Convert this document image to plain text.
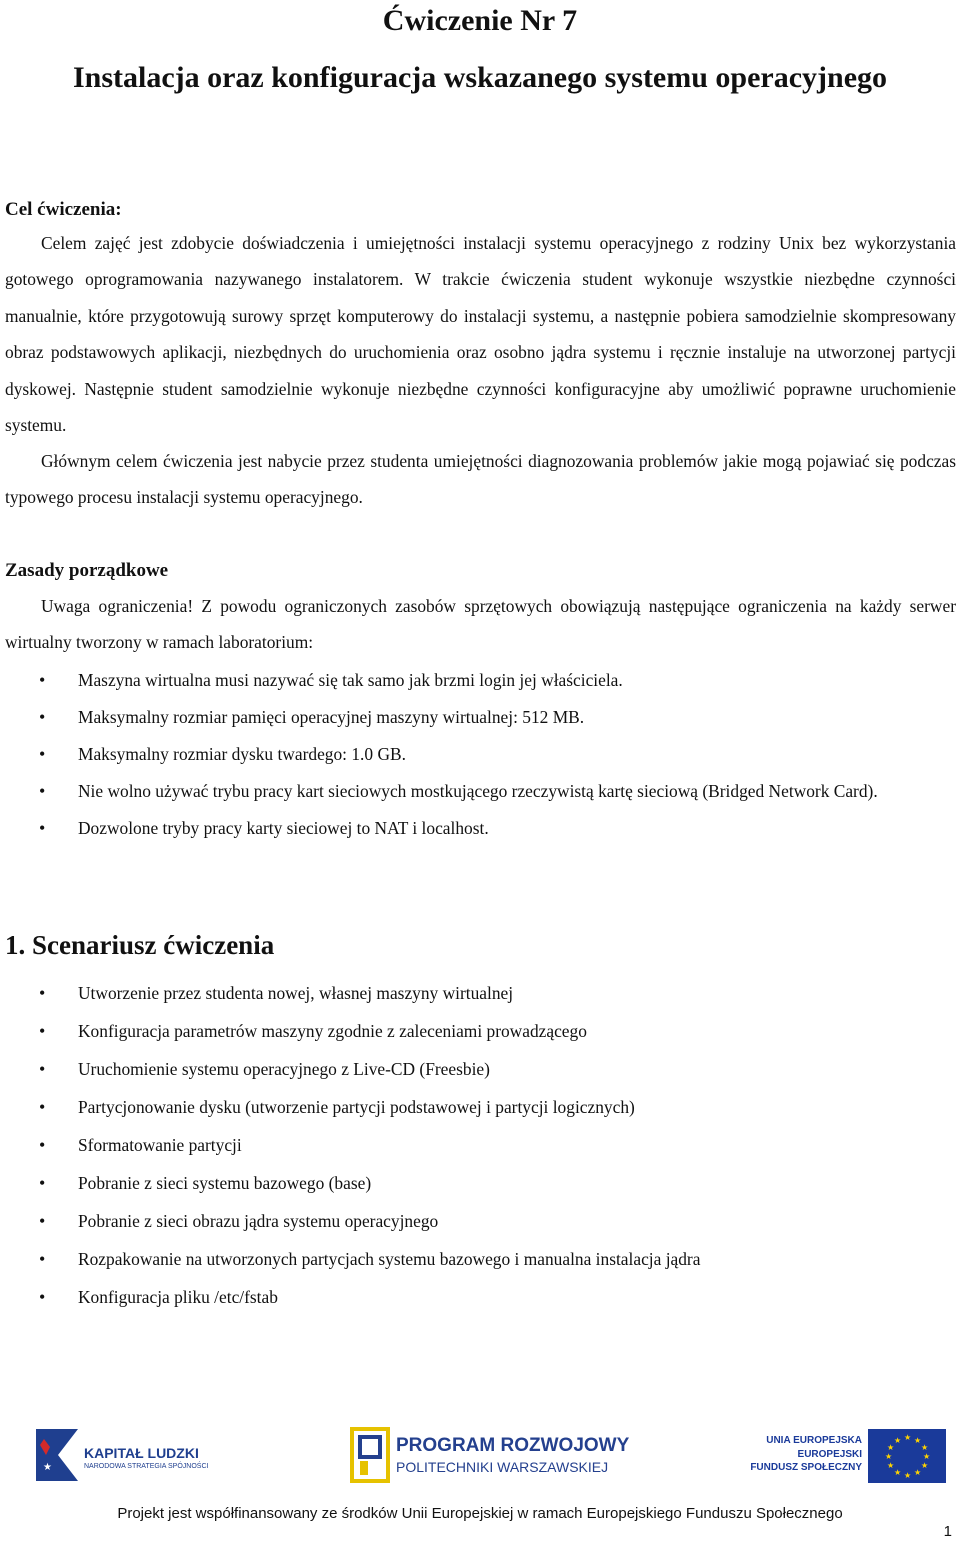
Ćwiczenie Nr 7
Instalacja oraz konfiguracja wskazanego systemu operacyjnego
Cel ćwiczenia:

Celem zajęć jest zdobycie doświadczenia i umiejętności instalacji systemu operacyjnego z rodziny Unix bez wykorzystania gotowego oprogramowania nazywanego instalatorem. W trakcie ćwiczenia student wykonuje wszystkie niezbędne czynności manualnie, które przygotowują surowy sprzęt komputerowy do instalacji systemu, a następnie pobiera samodzielnie skompresowany obraz podstawowych aplikacji, niezbędnych do uruchomienia oraz osobno jądra systemu i ręcznie instaluje na utworzonej partycji dyskowej. Następnie student samodzielnie wykonuje niezbędne czynności konfiguracyjne aby umożliwić poprawne uruchomienie systemu.

Głównym celem ćwiczenia jest nabycie przez studenta umiejętności diagnozowania problemów jakie mogą pojawiać się podczas typowego procesu instalacji systemu operacyjnego.

Zasady porządkowe

Uwaga ograniczenia! Z powodu ograniczonych zasobów sprzętowych obowiązują następujące ograniczenia na każdy serwer wirtualny tworzony w ramach laboratorium:

• Maszyna wirtualna musi nazywać się tak samo jak brzmi login jej właściciela.
• Maksymalny rozmiar pamięci operacyjnej maszyny wirtualnej: 512 MB.
• Maksymalny rozmiar dysku twardego: 1.0 GB.
• Nie wolno używać trybu pracy kart sieciowych mostkującego rzeczywistą kartę sieciową (Bridged Network Card).
• Dozwolone tryby pracy karty sieciowej to NAT i localhost.
1. Scenariusz ćwiczenia
• Utworzenie przez studenta nowej, własnej maszyny wirtualnej
• Konfiguracja parametrów maszyny zgodnie z zaleceniami prowadzącego
• Uruchomienie systemu operacyjnego z Live-CD (Freesbie)
• Partycjonowanie dysku (utworzenie partycji podstawowej i partycji logicznych)
• Sformatowanie partycji
• Pobranie z sieci systemu bazowego (base)
• Pobranie z sieci obrazu jądra systemu operacyjnego
• Rozpakowanie na utworzonych partycjach systemu bazowego i manualna instalacja jądra
• Konfiguracja pliku /etc/fstab
★
KAPITAŁ LUDZKI
NARODOWA STRATEGIA SPÓJNOŚCI
PROGRAM ROZWOJOWY
POLITECHNIKI WARSZAWSKIEJ
UNIA EUROPEJSKA
EUROPEJSKI
FUNDUSZ SPOŁECZNY
★ ★
★
★
★
★
★
★
★
★
★
★

Projekt jest współfinansowany ze środków Unii Europejskiej w ramach Europejskiego Funduszu Społecznego

1
